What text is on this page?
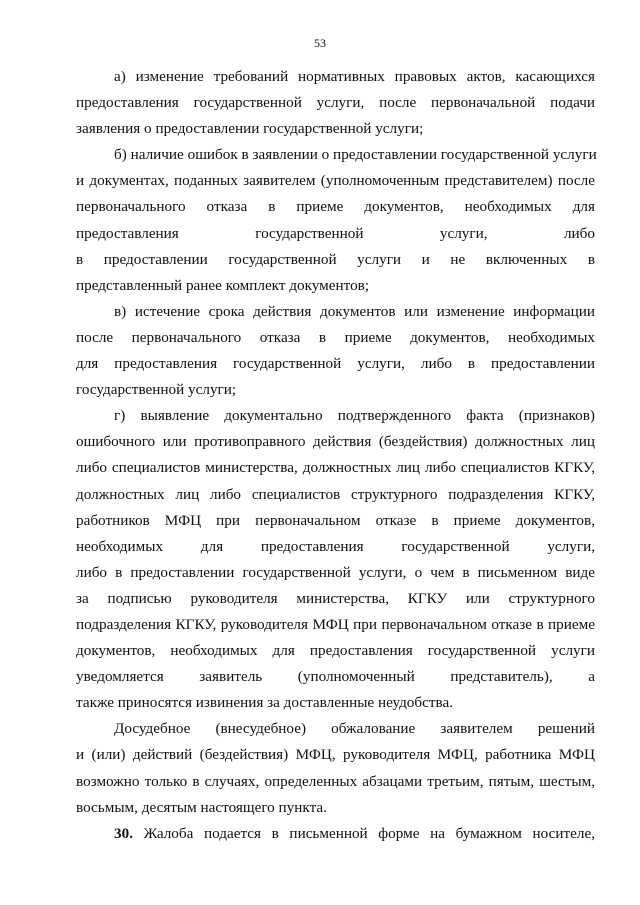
53
а) изменение требований нормативных правовых актов, касающихся
предоставления государственной услуги, после первоначальной подачи
заявления о предоставлении государственной услуги;
б) наличие ошибок в заявлении о предоставлении государственной услуги
и документах, поданных заявителем (уполномоченным представителем) после
первоначального отказа в приеме документов, необходимых для
предоставления государственной услуги, либо
в предоставлении государственной услуги и не включенных в
представленный ранее комплект документов;
в) истечение срока действия документов или изменение информации
после первоначального отказа в приеме документов, необходимых
для предоставления государственной услуги, либо в предоставлении
государственной услуги;
г) выявление документально подтвержденного факта (признаков)
ошибочного или противоправного действия (бездействия) должностных лиц
либо специалистов министерства, должностных лиц либо специалистов КГКУ,
должностных лиц либо специалистов структурного подразделения КГКУ,
работников МФЦ при первоначальном отказе в приеме документов,
необходимых для предоставления государственной услуги,
либо в предоставлении государственной услуги, о чем в письменном виде
за подписью руководителя министерства, КГКУ или структурного
подразделения КГКУ, руководителя МФЦ при первоначальном отказе в приеме
документов, необходимых для предоставления государственной услуги
уведомляется заявитель (уполномоченный представитель), а
также приносятся извинения за доставленные неудобства.
Досудебное (внесудебное) обжалование заявителем решений
и (или) действий (бездействия) МФЦ, руководителя МФЦ, работника МФЦ
возможно только в случаях, определенных абзацами третьим, пятым, шестым,
восьмым, десятым настоящего пункта.
30. Жалоба подается в письменной форме на бумажном носителе,
